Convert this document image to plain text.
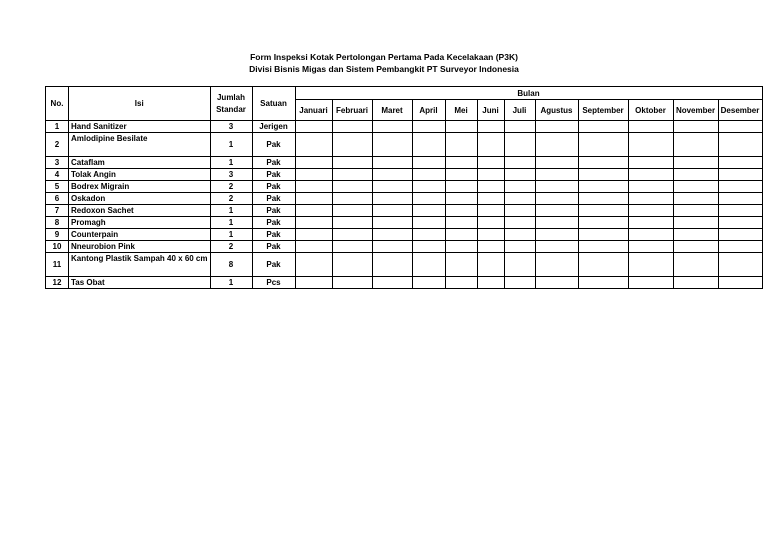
Form Inspeksi Kotak Pertolongan Pertama Pada Kecelakaan (P3K)
Divisi Bisnis Migas dan Sistem Pembangkit PT Surveyor Indonesia
No.	Isi	Jumlah Standar	Satuan	Bulan											
				Januari	Februari	Maret	April	Mei	Juni	Juli	Agustus	September	Oktober	November	Desember
1	Hand Sanitizer	3	Jerigen												
2	Amlodipine Besilate	1	Pak												
3	Cataflam	1	Pak												
4	Tolak Angin	3	Pak												
5	Bodrex Migrain	2	Pak												
6	Oskadon	2	Pak												
7	Redoxon Sachet	1	Pak												
8	Promagh	1	Pak												
9	Counterpain	1	Pak												
10	Nneurobion Pink	2	Pak												
11	Kantong Plastik Sampah 40 x 60 cm	8	Pak												
12	Tas Obat	1	Pcs												
